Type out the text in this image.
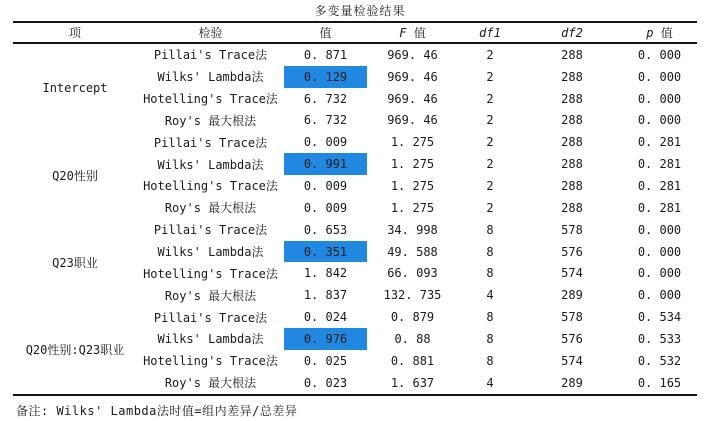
多变量检验结果
项	检验	值	F 值	df1	df2	p 值
Intercept	Pillai's Trace法	0. 871	969. 46	2	288	0. 000
	Wilks' Lambda法	0. 129	969. 46	2	288	0. 000
	Hotelling's Trace法	6. 732	969. 46	2	288	0. 000
	Roy's 最大根法	6. 732	969. 46	2	288	0. 000
Q20性别	Pillai's Trace法	0. 009	1. 275	2	288	0. 281
	Wilks' Lambda法	0. 991	1. 275	2	288	0. 281
	Hotelling's Trace法	0. 009	1. 275	2	288	0. 281
	Roy's 最大根法	0. 009	1. 275	2	288	0. 281
Q23职业	Pillai's Trace法	0. 653	34. 998	8	578	0. 000
	Wilks' Lambda法	0. 351	49. 588	8	576	0. 000
	Hotelling's Trace法	1. 842	66. 093	8	574	0. 000
	Roy's 最大根法	1. 837	132. 735	4	289	0. 000
Q20性别:Q23职业	Pillai's Trace法	0. 024	0. 879	8	578	0. 534
	Wilks' Lambda法	0. 976	0. 88	8	576	0. 533
	Hotelling's Trace法	0. 025	0. 881	8	574	0. 532
	Roy's 最大根法	0. 023	1. 637	4	289	0. 165
备注: Wilks' Lambda法时值=组内差异/总差异
